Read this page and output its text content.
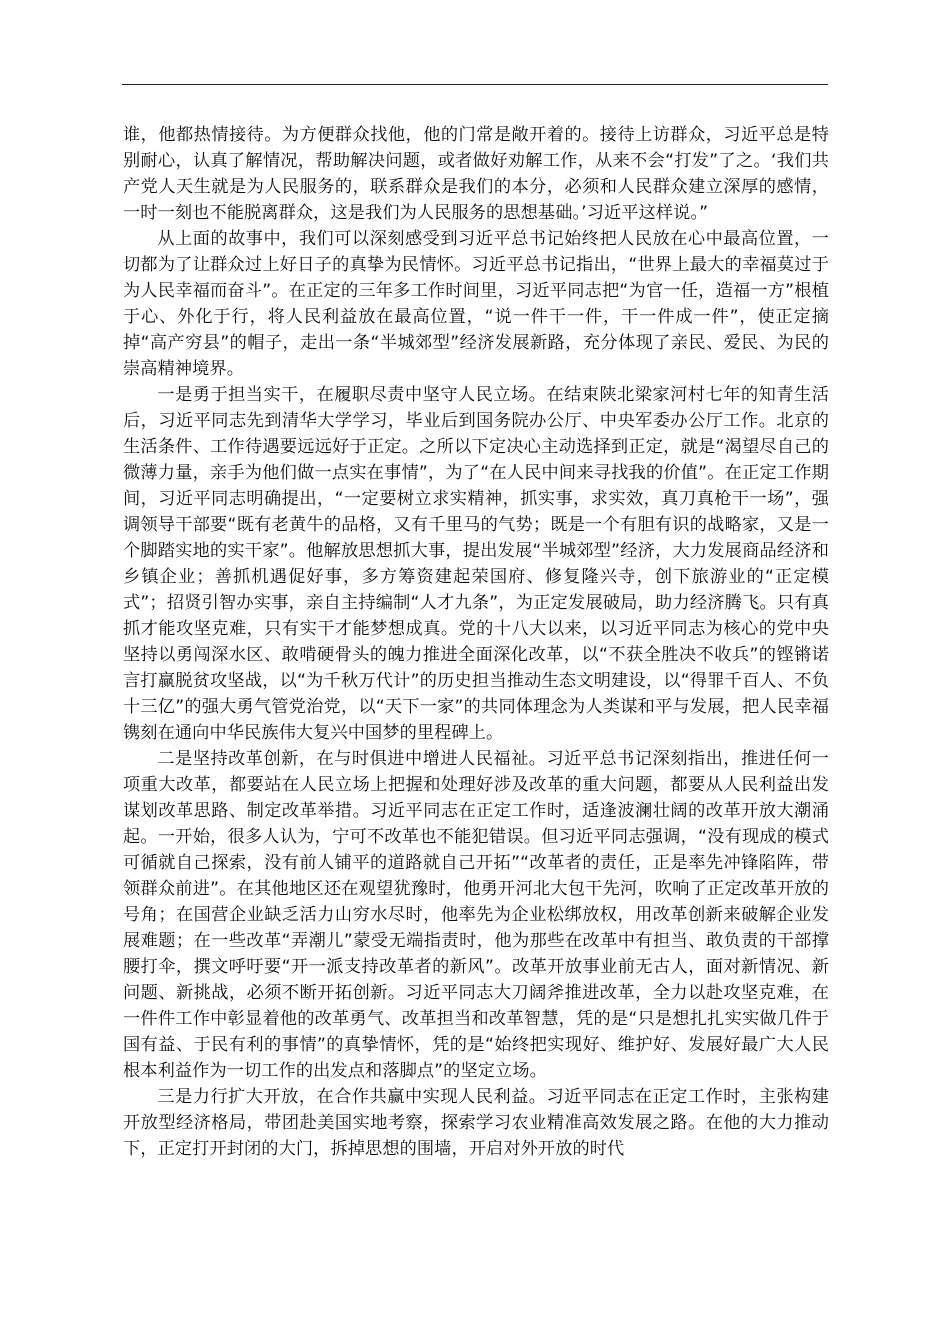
谁，他都热情接待。为方便群众找他，他的门常是敞开着的。接待上访群众，习近平总是特别耐心，认真了解情况，帮助解决问题，或者做好劝解工作，从来不会“打发”了之。‘我们共产党人天生就是为人民服务的，联系群众是我们的本分，必须和人民群众建立深厚的感情，一时一刻也不能脱离群众，这是我们为人民服务的思想基础。’习近平这样说。”

从上面的故事中，我们可以深刻感受到习近平总书记始终把人民放在心中最高位置，一切都为了让群众过上好日子的真挚为民情怀。习近平总书记指出，“世界上最大的幸福莫过于为人民幸福而奋斗”。在正定的三年多工作时间里，习近平同志把“为官一任，造福一方”根植于心、外化于行，将人民利益放在最高位置，“说一件干一件，干一件成一件”，使正定摘掉“高产穷县”的帽子，走出一条“半城郊型”经济发展新路，充分体现了亲民、爱民、为民的崇高精神境界。

一是勇于担当实干，在履职尽责中坚守人民立场。在结束陕北梁家河村七年的知青生活后，习近平同志先到清华大学学习，毕业后到国务院办公厅、中央军委办公厅工作。北京的生活条件、工作待遇要远远好于正定。之所以下定决心主动选择到正定，就是“渴望尽自己的微薄力量，亲手为他们做一点实在事情”，为了“在人民中间来寻找我的价值”。在正定工作期间，习近平同志明确提出，“一定要树立求实精神，抓实事，求实效，真刀真枪干一场”，强调领导干部要“既有老黄牛的品格，又有千里马的气势；既是一个有胆有识的战略家，又是一个脚踏实地的实干家”。他解放思想抓大事，提出发展“半城郊型”经济，大力发展商品经济和乡镇企业；善抓机遇促好事，多方筹资建起荣国府、修复隆兴寺，创下旅游业的“正定模式”；招贤引智办实事，亲自主持编制“人才九条”，为正定发展破局，助力经济腾飞。只有真抓才能攻坚克难，只有实干才能梦想成真。党的十八大以来，以习近平同志为核心的党中央坚持以勇闯深水区、敢啃硬骨头的魄力推进全面深化改革，以“不获全胜决不收兵”的铿锵诺言打赢脱贫攻坚战，以“为千秋万代计”的历史担当推动生态文明建设，以“得罪千百人、不负十三亿”的强大勇气管党治党，以“天下一家”的共同体理念为人类谋和平与发展，把人民幸福镌刻在通向中华民族伟大复兴中国梦的里程碑上。

二是坚持改革创新，在与时俱进中增进人民福祉。习近平总书记深刻指出，推进任何一项重大改革，都要站在人民立场上把握和处理好涉及改革的重大问题，都要从人民利益出发谋划改革思路、制定改革举措。习近平同志在正定工作时，适逢波澜壮阔的改革开放大潮涌起。一开始，很多人认为，宁可不改革也不能犯错误。但习近平同志强调，“没有现成的模式可循就自己探索，没有前人铺平的道路就自己开拓”“改革者的责任，正是率先冲锋陷阵，带领群众前进”。在其他地区还在观望犹豫时，他勇开河北大包干先河，吹响了正定改革开放的号角；在国营企业缺乏活力山穷水尽时，他率先为企业松绑放权，用改革创新来破解企业发展难题；在一些改革“弄潮儿”蒙受无端指责时，他为那些在改革中有担当、敢负责的干部撑腰打伞，撰文呼吁要“开一派支持改革者的新风”。改革开放事业前无古人，面对新情况、新问题、新挑战，必须不断开拓创新。习近平同志大刀阔斧推进改革，全力以赴攻坚克难，在一件件工作中彰显着他的改革勇气、改革担当和改革智慧，凭的是“只是想扎扎实实做几件于国有益、于民有利的事情”的真挚情怀，凭的是“始终把实现好、维护好、发展好最广大人民根本利益作为一切工作的出发点和落脚点”的坚定立场。

三是力行扩大开放，在合作共赢中实现人民利益。习近平同志在正定工作时，主张构建开放型经济格局，带团赴美国实地考察，探索学习农业精准高效发展之路。在他的大力推动下，正定打开封闭的大门，拆掉思想的围墙，开启对外开放的时代
